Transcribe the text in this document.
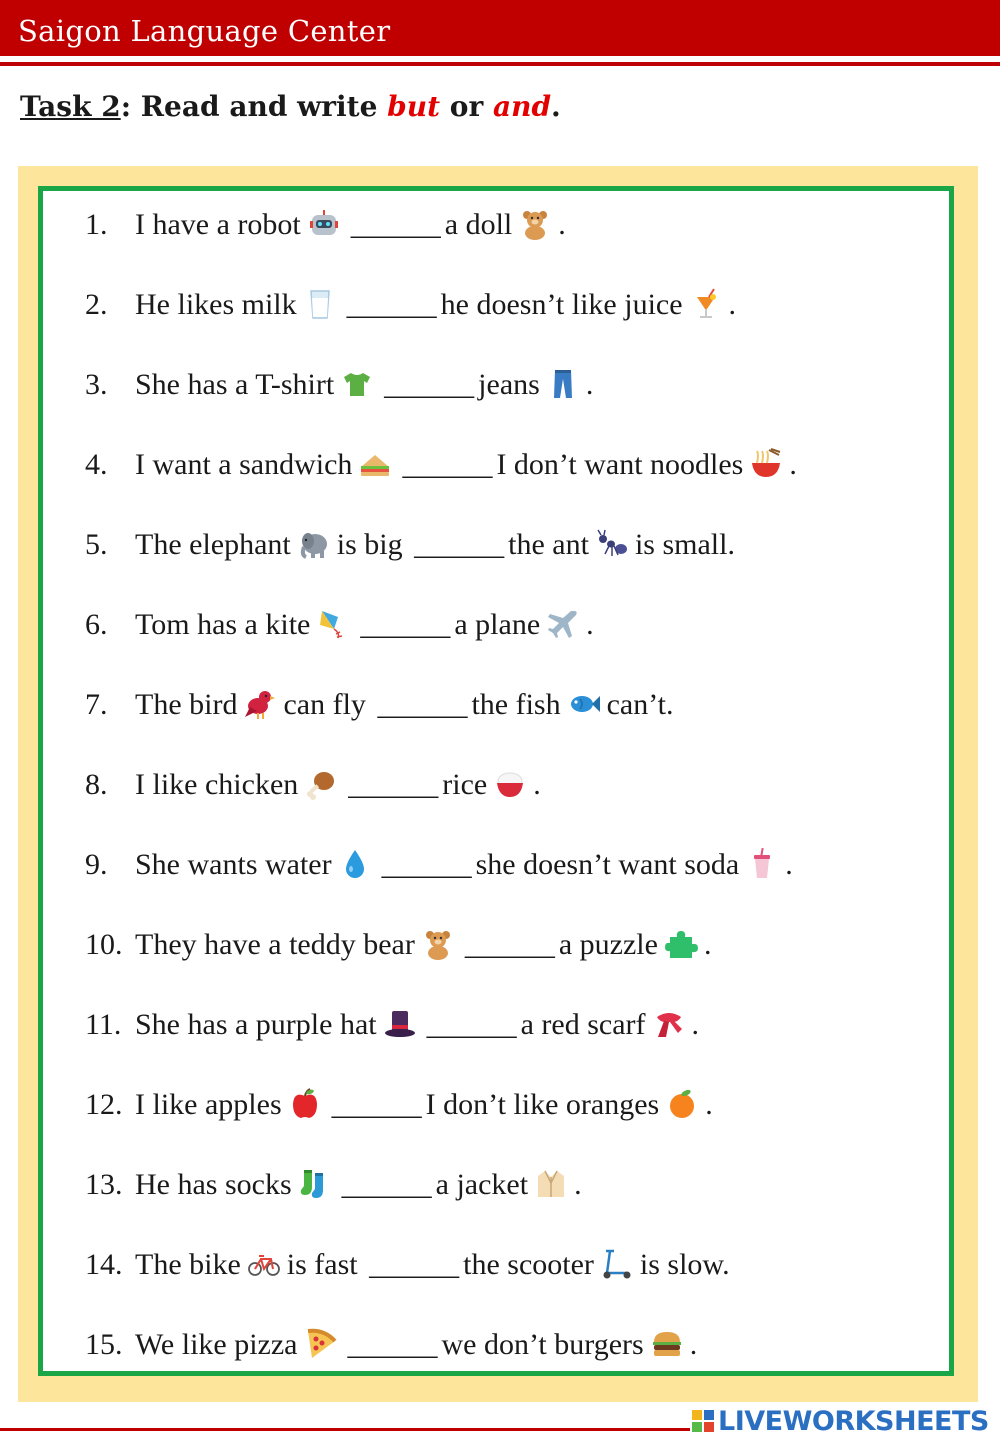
Saigon Language Center
Task 2: Read and write but or and.
1. I have a robot ______ a doll .
2. He likes milk ______ he doesn’t like juice .
3. She has a T-shirt ______ jeans .
4. I want a sandwich ______ I don’t want noodles .
5. The elephant is big ______ the ant is small.
6. Tom has a kite ______ a plane .
7. The bird can fly ______ the fish can’t.
8. I like chicken ______ rice .
9. She wants water ______ she doesn’t want soda .
10. They have a teddy bear ______ a puzzle .
11. She has a purple hat ______ a red scarf .
12. I like apples ______ I don’t like oranges .
13. He has socks ______ a jacket .
14. The bike is fast ______ the scooter is slow.
15. We like pizza ______ we don’t burgers .
LIVEWORKSHEETS
